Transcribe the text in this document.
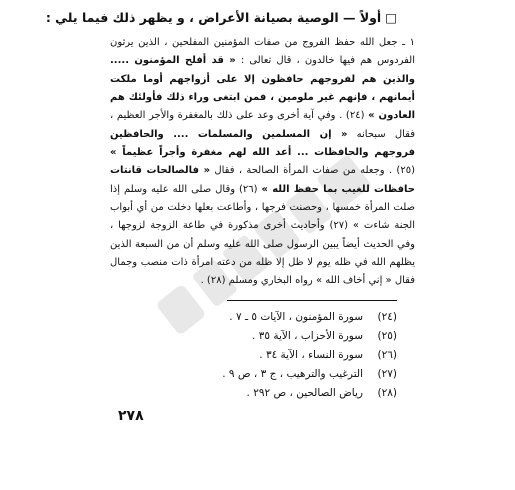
□أولاً — الوصية بصيانة الأعراض ، و يظهر ذلك فيما يلي :
١ ـ جعل الله حفظ الفروج من صفات المؤمنين المفلحين ، الذين يرثون الفردوس هم فيها خالدون ، قال تعالى : « قد أفلح المؤمنون ..... والذين هم لفروجهم حافظون إلا على أزواجهم أوما ملكت أيمانهم ، فإنهم غير ملومين ، فمن ابتغى وراء ذلك فأولئك هم العادون » (٢٤) . وفي آية أخرى وعد على ذلك بالمغفرة والأجر العظيم ، فقال سبحانه « إن المسلمين والمسلمات .... والحافظين فروجهم والحافظات ... أعد الله لهم مغفرة وأجراً عظيماً » (٢٥) . وجعله من صفات المرأة الصالحة ، فقال « فالصالحات قانتات حافظات للغيب بما حفظ الله » (٢٦) وقال صلى الله عليه وسلم إذا صلت المرأة خمسها ، وحصنت فرجها ، وأطاعت بعلها دخلت من أي أبواب الجنة شاءت » (٢٧) وأحاديث أخرى مذكورة في طاعة الزوجة لزوجها ، وفي الحديث أيضاً يبين الرسول صلى الله عليه وسلم أن من السبعة الذين يظلهم الله في ظله يوم لا ظل إلا ظله من دعته امرأة ذات منصب وجمال فقال « إني أخاف الله » رواه البخاري ومسلم (٢٨) .
(٢٤)سورة المؤمنون ، الآيات ٥ ـ ٧ .
(٢٥)سورة الأحزاب ، الآية ٣٥ .
(٢٦)سورة النساء ، الآية ٣٤ .
(٢٧)الترغيب والترهيب ، ج ٣ ، ص ٩ .
(٢٨)رياض الصالحين ، ص ٢٩٢ .
٢٧٨
